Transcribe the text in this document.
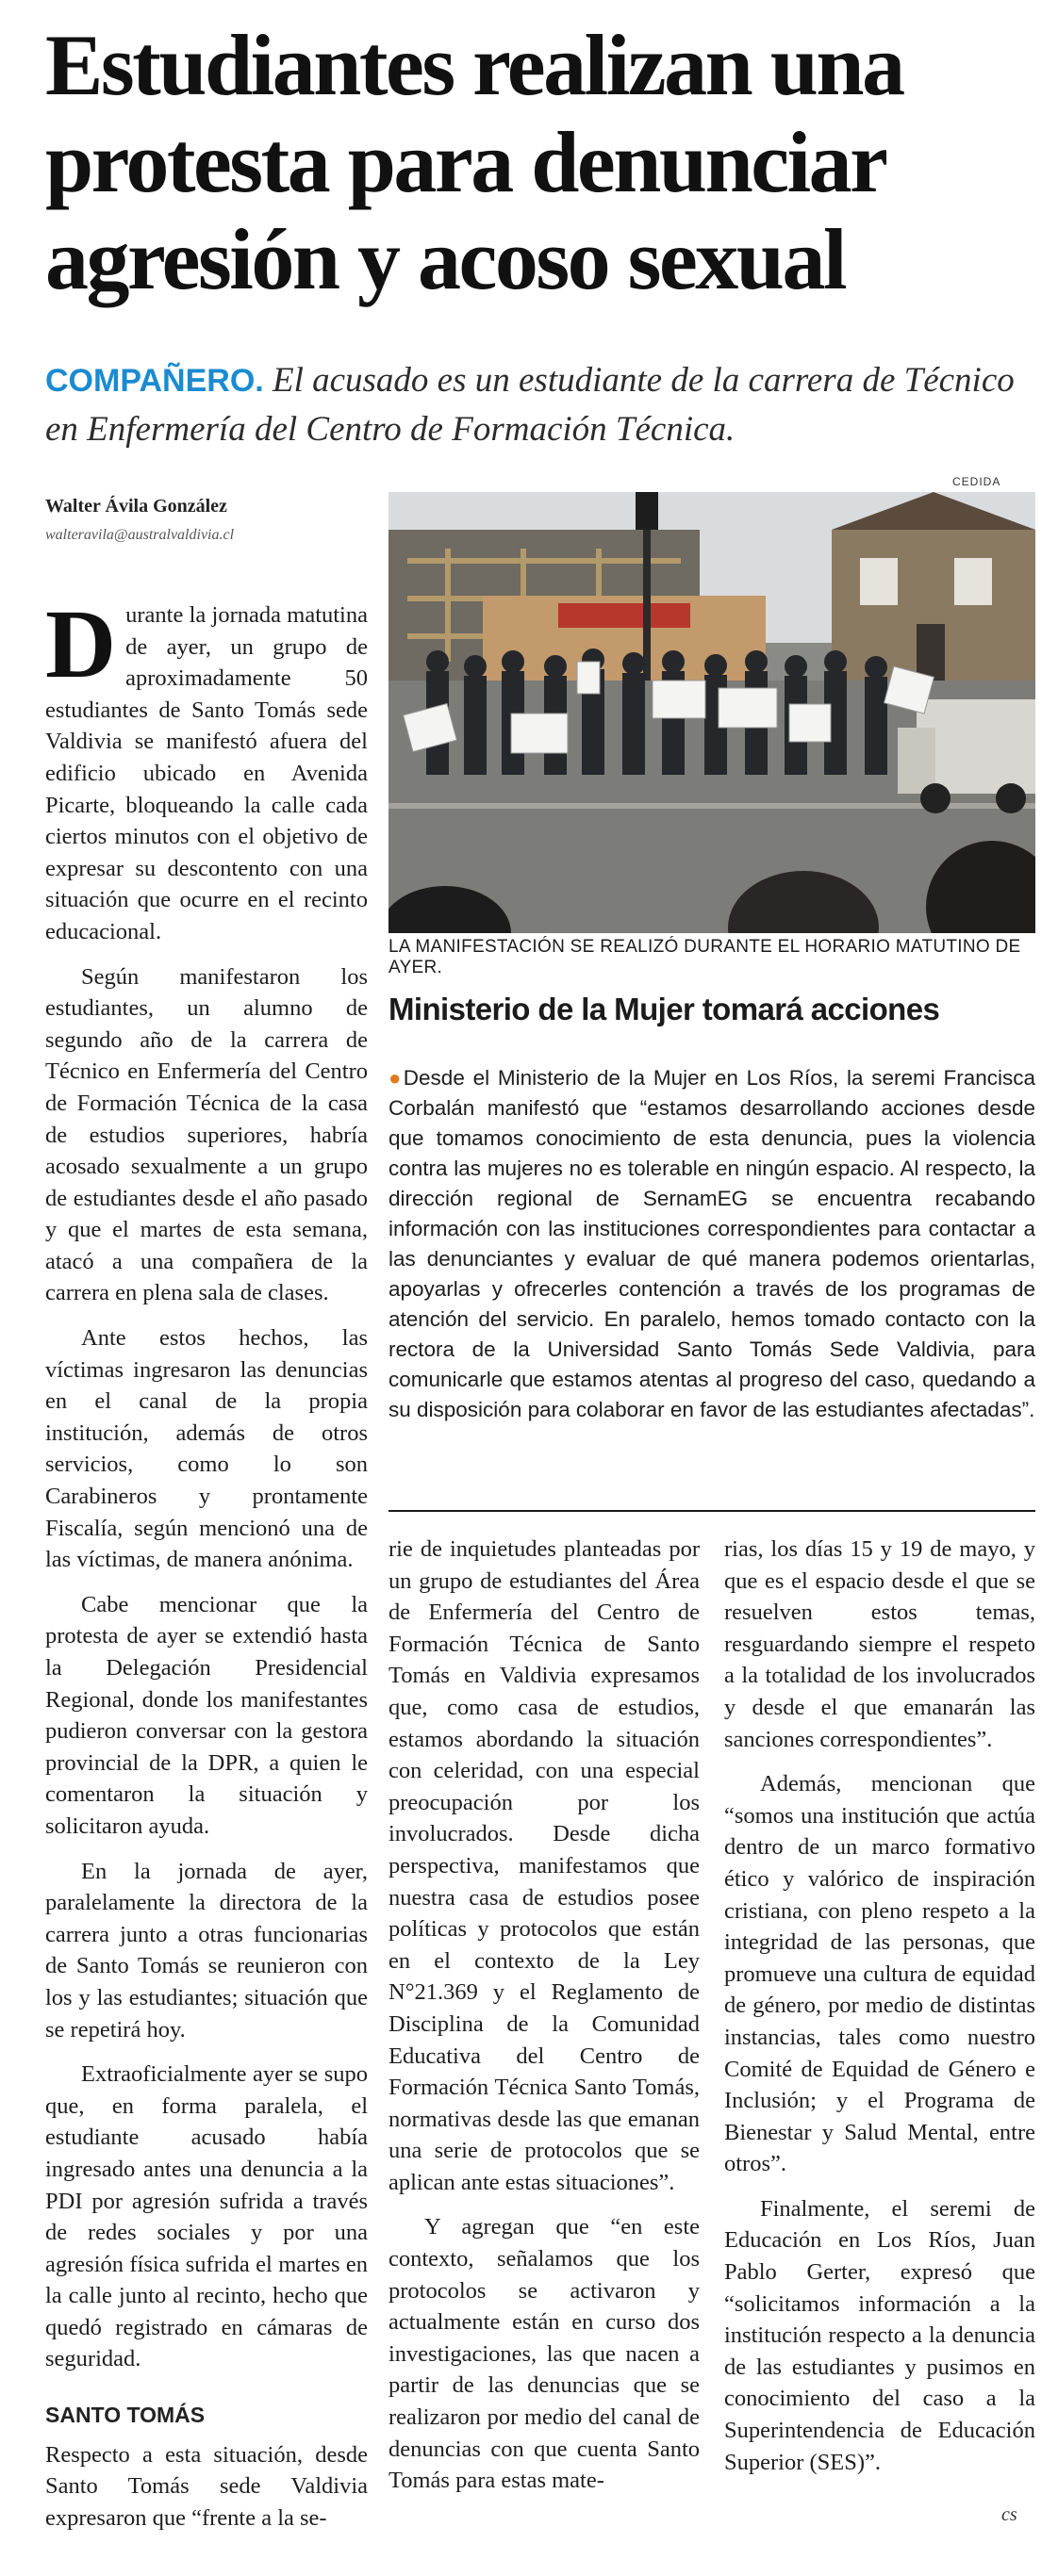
Estudiantes realizan una protesta para denunciar agresión y acoso sexual

COMPAÑERO. El acusado es un estudiante de la carrera de Técnico en Enfermería del Centro de Formación Técnica.

Walter Ávila González
walteravila@australvaldivia.cl
CEDIDA
LA MANIFESTACIÓN SE REALIZÓ DURANTE EL HORARIO MATUTINO DE AYER.

Durante la jornada matutina de ayer, un grupo de aproximadamente 50 estudiantes de Santo Tomás sede Valdivia se manifestó afuera del edificio ubicado en Avenida Picarte, bloqueando la calle cada ciertos minutos con el objetivo de expresar su descontento con una situación que ocurre en el recinto educacional.

Según manifestaron los estudiantes, un alumno de segundo año de la carrera de Técnico en Enfermería del Centro de Formación Técnica de la casa de estudios superiores, habría acosado sexualmente a un grupo de estudiantes desde el año pasado y que el martes de esta semana, atacó a una compañera de la carrera en plena sala de clases.

Ante estos hechos, las víctimas ingresaron las denuncias en el canal de la propia institución, además de otros servicios, como lo son Carabineros y prontamente Fiscalía, según mencionó una de las víctimas, de manera anónima.

Cabe mencionar que la protesta de ayer se extendió hasta la Delegación Presidencial Regional, donde los manifestantes pudieron conversar con la gestora provincial de la DPR, a quien le comentaron la situación y solicitaron ayuda.

En la jornada de ayer, paralelamente la directora de la carrera junto a otras funcionarias de Santo Tomás se reunieron con los y las estudiantes; situación que se repetirá hoy.

Extraoficialmente ayer se supo que, en forma paralela, el estudiante acusado había ingresado antes una denuncia a la PDI por agresión sufrida a través de redes sociales y por una agresión física sufrida el martes en la calle junto al recinto, hecho que quedó registrado en cámaras de seguridad.

SANTO TOMÁS

Respecto a esta situación, desde Santo Tomás sede Valdivia expresaron que “frente a la se-

Ministerio de la Mujer tomará acciones

●Desde el Ministerio de la Mujer en Los Ríos, la seremi Francisca Corbalán manifestó que “estamos desarrollando acciones desde que tomamos conocimiento de esta denuncia, pues la violencia contra las mujeres no es tolerable en ningún espacio. Al respecto, la dirección regional de SernamEG se encuentra recabando información con las instituciones correspondientes para contactar a las denunciantes y evaluar de qué manera podemos orientarlas, apoyarlas y ofrecerles contención a través de los programas de atención del servicio. En paralelo, hemos tomado contacto con la rectora de la Universidad Santo Tomás Sede Valdivia, para comunicarle que estamos atentas al progreso del caso, quedando a su disposición para colaborar en favor de las estudiantes afectadas”.

rie de inquietudes planteadas por un grupo de estudiantes del Área de Enfermería del Centro de Formación Técnica de Santo Tomás en Valdivia expresamos que, como casa de estudios, estamos abordando la situación con celeridad, con una especial preocupación por los involucrados. Desde dicha perspectiva, manifestamos que nuestra casa de estudios posee políticas y protocolos que están en el contexto de la Ley N°21.369 y el Reglamento de Disciplina de la Comunidad Educativa del Centro de Formación Técnica Santo Tomás, normativas desde las que emanan una serie de protocolos que se aplican ante estas situaciones”.

Y agregan que “en este contexto, señalamos que los protocolos se activaron y actualmente están en curso dos investigaciones, las que nacen a partir de las denuncias que se realizaron por medio del canal de denuncias con que cuenta Santo Tomás para estas mate-

rias, los días 15 y 19 de mayo, y que es el espacio desde el que se resuelven estos temas, resguardando siempre el respeto a la totalidad de los involucrados y desde el que emanarán las sanciones correspondientes”.

Además, mencionan que “somos una institución que actúa dentro de un marco formativo ético y valórico de inspiración cristiana, con pleno respeto a la integridad de las personas, que promueve una cultura de equidad de género, por medio de distintas instancias, tales como nuestro Comité de Equidad de Género e Inclusión; y el Programa de Bienestar y Salud Mental, entre otros”.

Finalmente, el seremi de Educación en Los Ríos, Juan Pablo Gerter, expresó que “solicitamos información a la institución respecto a la denuncia de las estudiantes y pusimos en conocimiento del caso a la Superintendencia de Educación Superior (SES)”.

cs
